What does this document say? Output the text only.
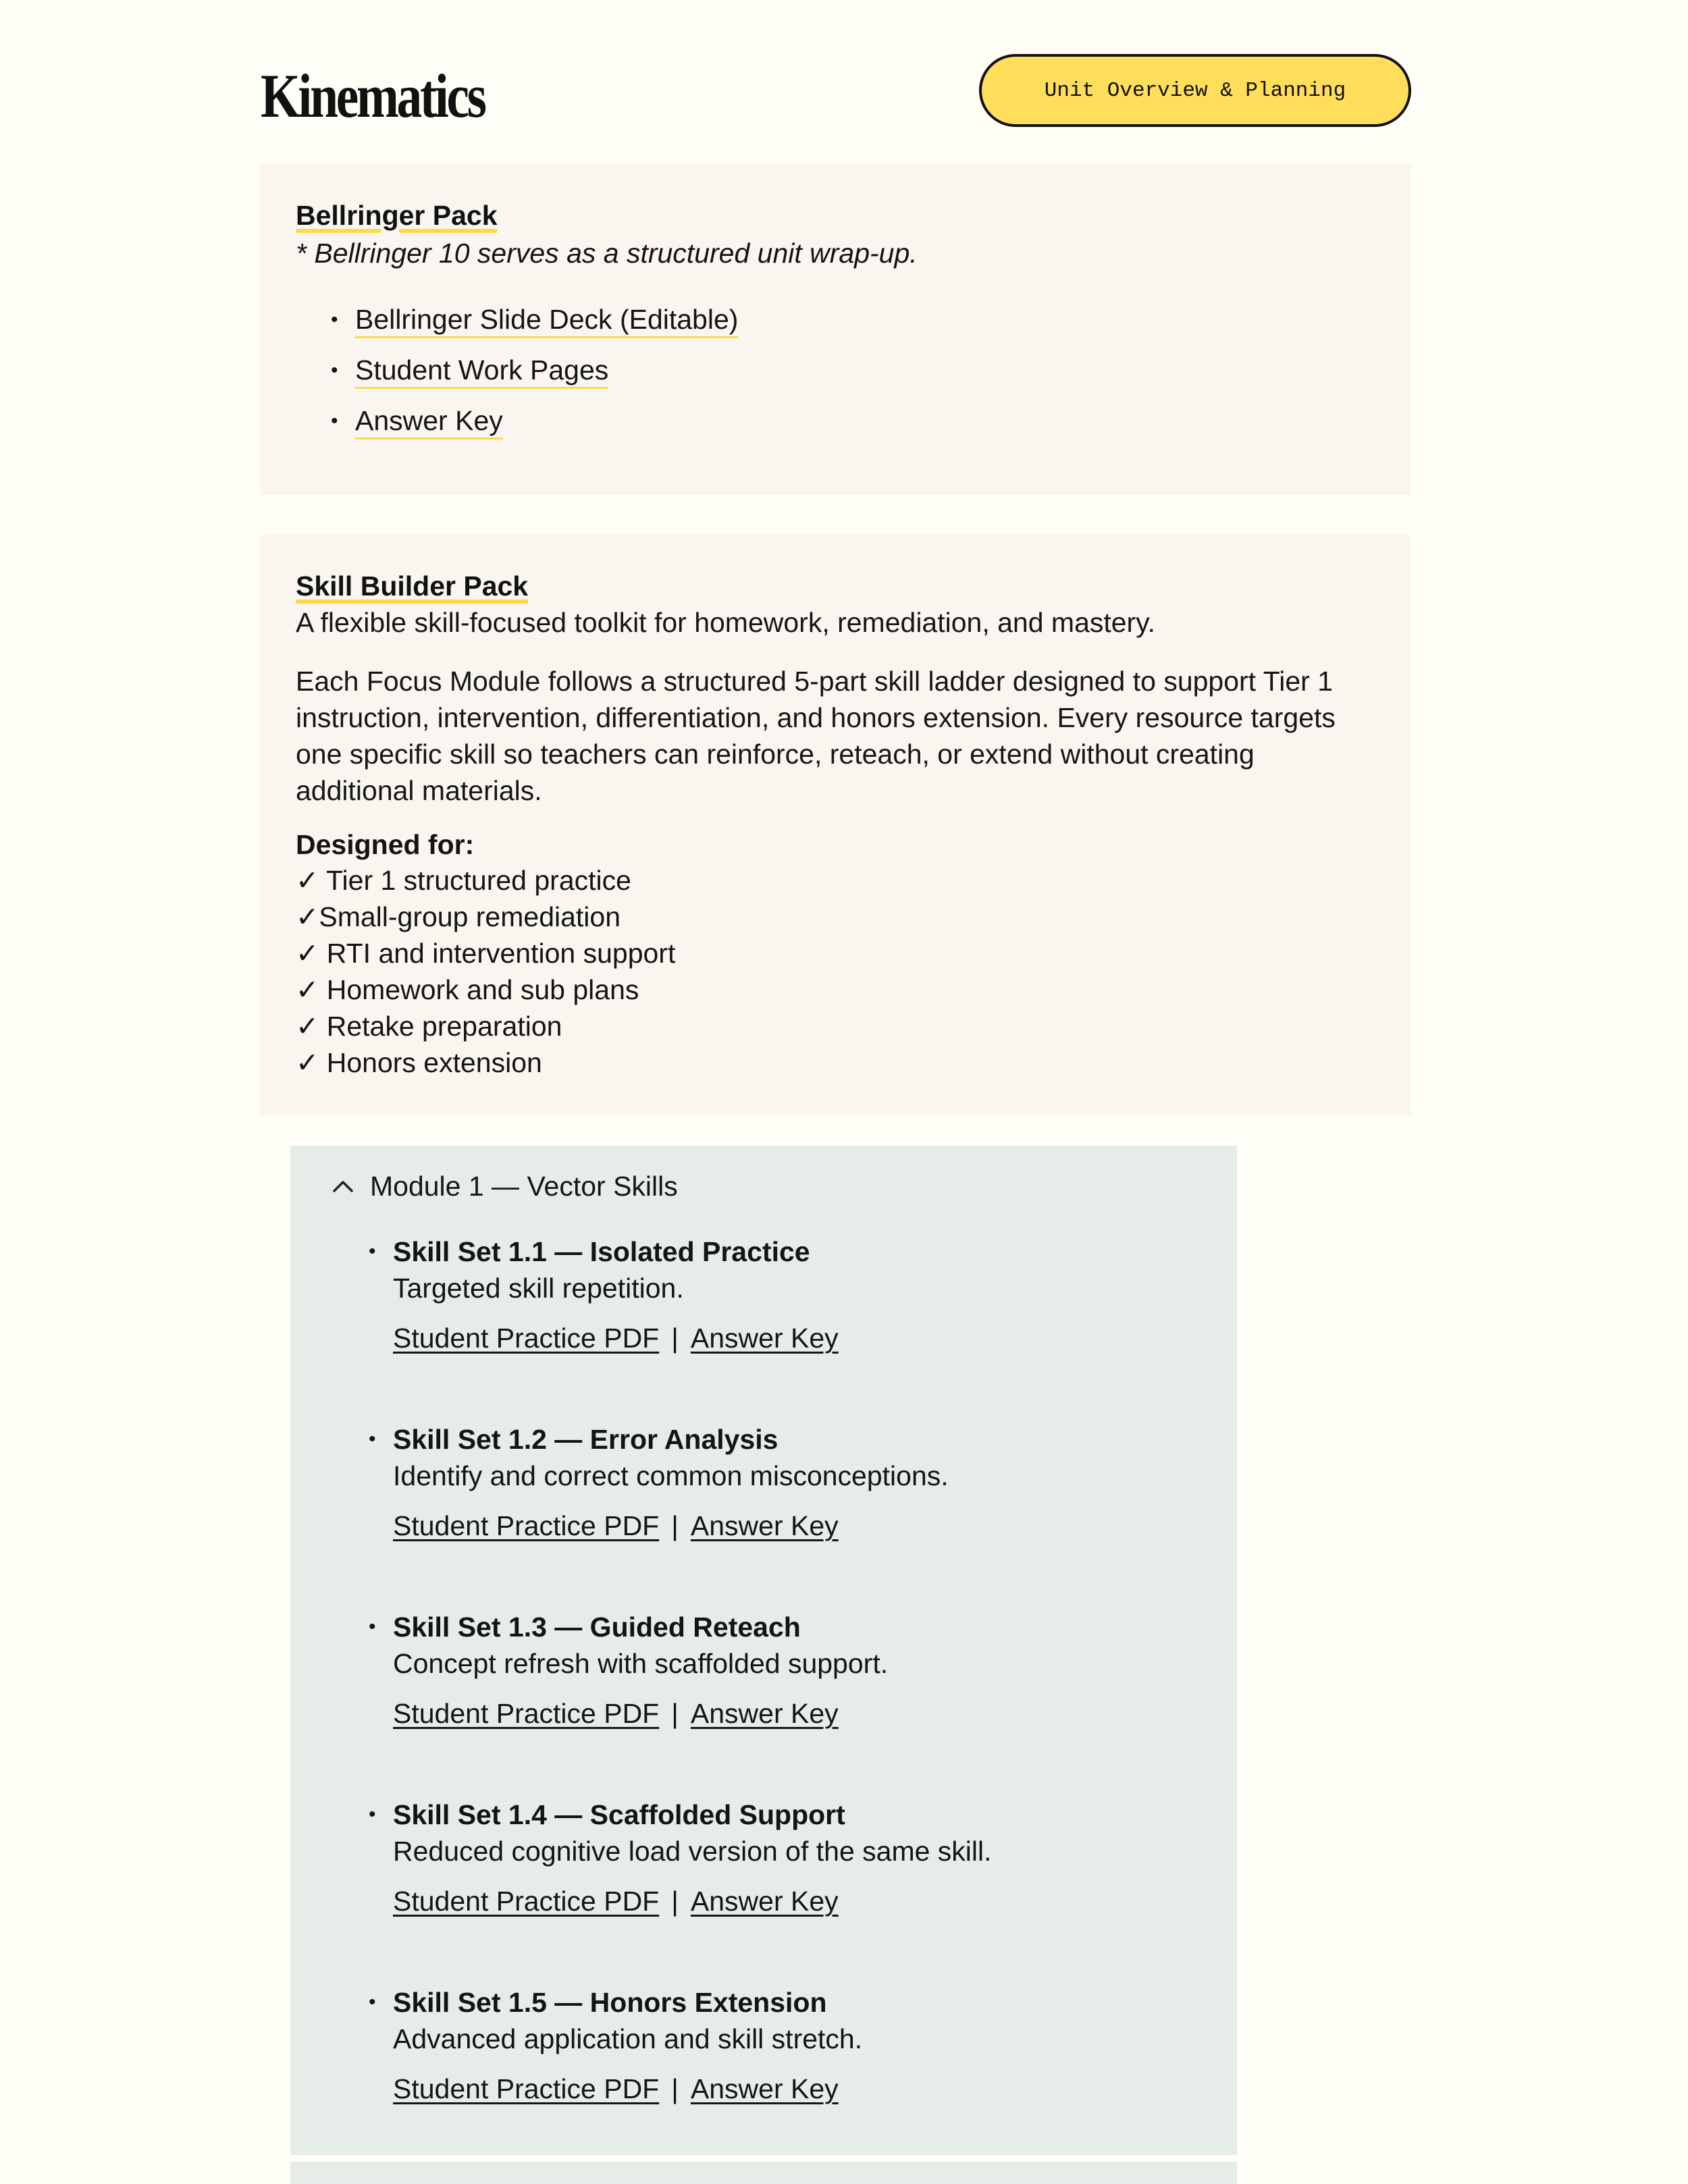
Kinematics	Unit Overview & Planning
Bellringer Pack

* Bellringer 10 serves as a structured unit wrap-up.

• Bellringer Slide Deck (Editable)
• Student Work Pages
• Answer Key
Skill Builder Pack

A flexible skill-focused toolkit for homework, remediation, and mastery.

Each Focus Module follows a structured 5-part skill ladder designed to support Tier 1 instruction, intervention, differentiation, and honors extension. Every resource targets one specific skill so teachers can reinforce, reteach, or extend without creating additional materials.

Designed for:

✓ Tier 1 structured practice
✓Small-group remediation
✓ RTI and intervention support
✓ Homework and sub plans
✓ Retake preparation
✓ Honors extension
Module 1 — Vector Skills
• Skill Set 1.1 — Isolated Practice
Targeted skill repetition.
Student Practice PDF | Answer Key
• Skill Set 1.2 — Error Analysis
Identify and correct common misconceptions.
Student Practice PDF | Answer Key
• Skill Set 1.3 — Guided Reteach
Concept refresh with scaffolded support.
Student Practice PDF | Answer Key
• Skill Set 1.4 — Scaffolded Support
Reduced cognitive load version of the same skill.
Student Practice PDF | Answer Key
• Skill Set 1.5 — Honors Extension
Advanced application and skill stretch.
Student Practice PDF | Answer Key
